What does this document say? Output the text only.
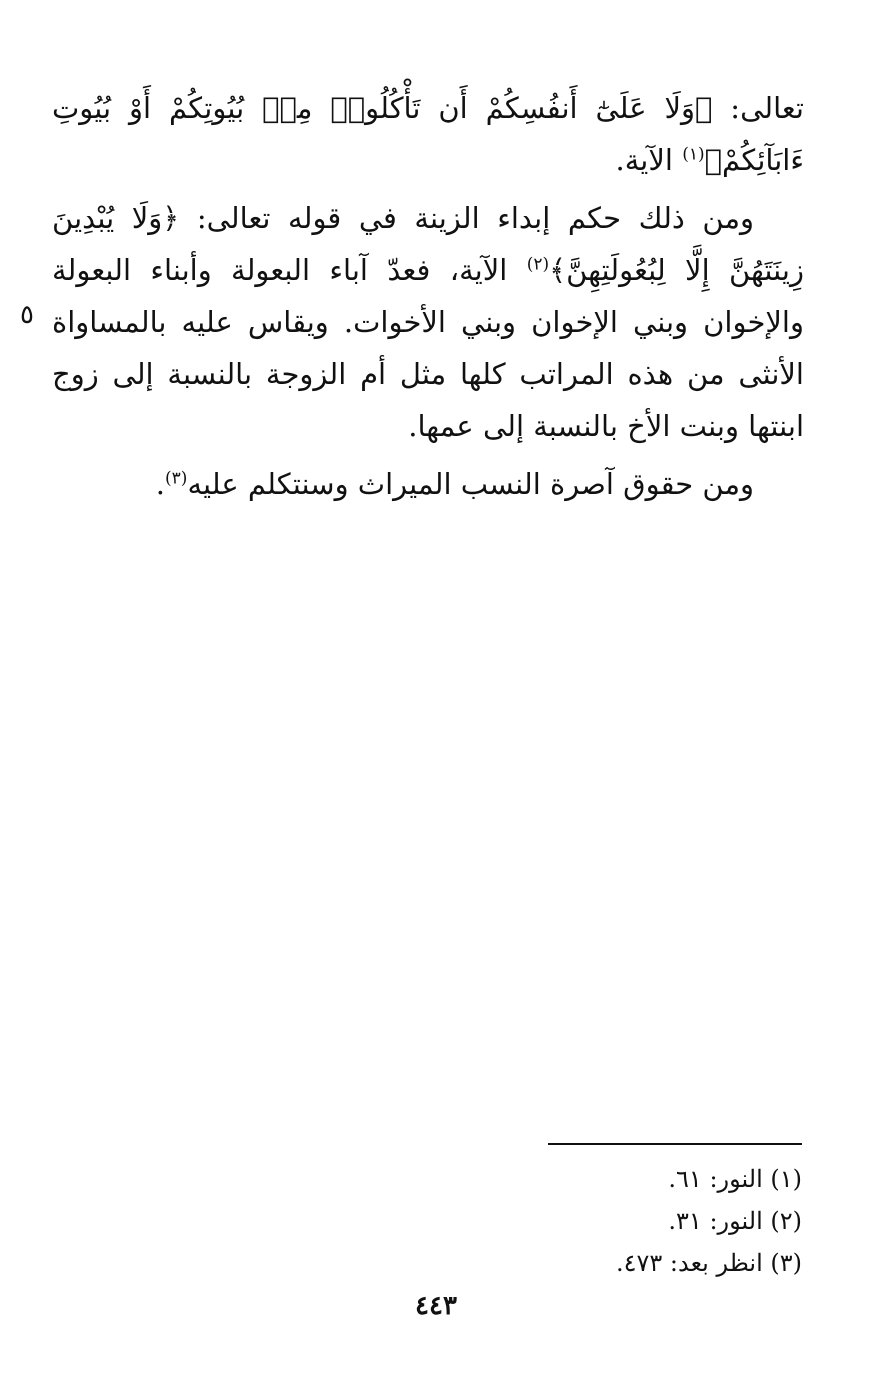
تعالى: ﴿وَلَا عَلَىٰٓ أَنفُسِكُمْ أَن تَأْكُلُوا۟ مِنۢ بُيُوتِكُمْ أَوْ بُيُوتِ ءَابَآئِكُمْ﴾$^{(١)}$ الآية.

ومن ذلك حكم إبداء الزينة في قوله تعالى: ﴿وَلَا يُبْدِينَ زِينَتَهُنَّ إِلَّا لِبُعُولَتِهِنَّ﴾$^{(٢)}$ الآية، فعدّ آباء البعولة وأبناء البعولة والإخوان وبني الإخوان وبني الأخوات. ويقاس عليه بالمساواة الأنثى من هذه المراتب كلها مثل أم الزوجة بالنسبة إلى زوج ابنتها وبنت الأخ بالنسبة إلى عمها.

ومن حقوق آصرة النسب الميراث وسنتكلم عليه$^{(٣)}$.

٥

(١) النور: ٦١.

(٢) النور: ٣١.

(٣) انظر بعد: ٤٧٣.

٤٤٣
